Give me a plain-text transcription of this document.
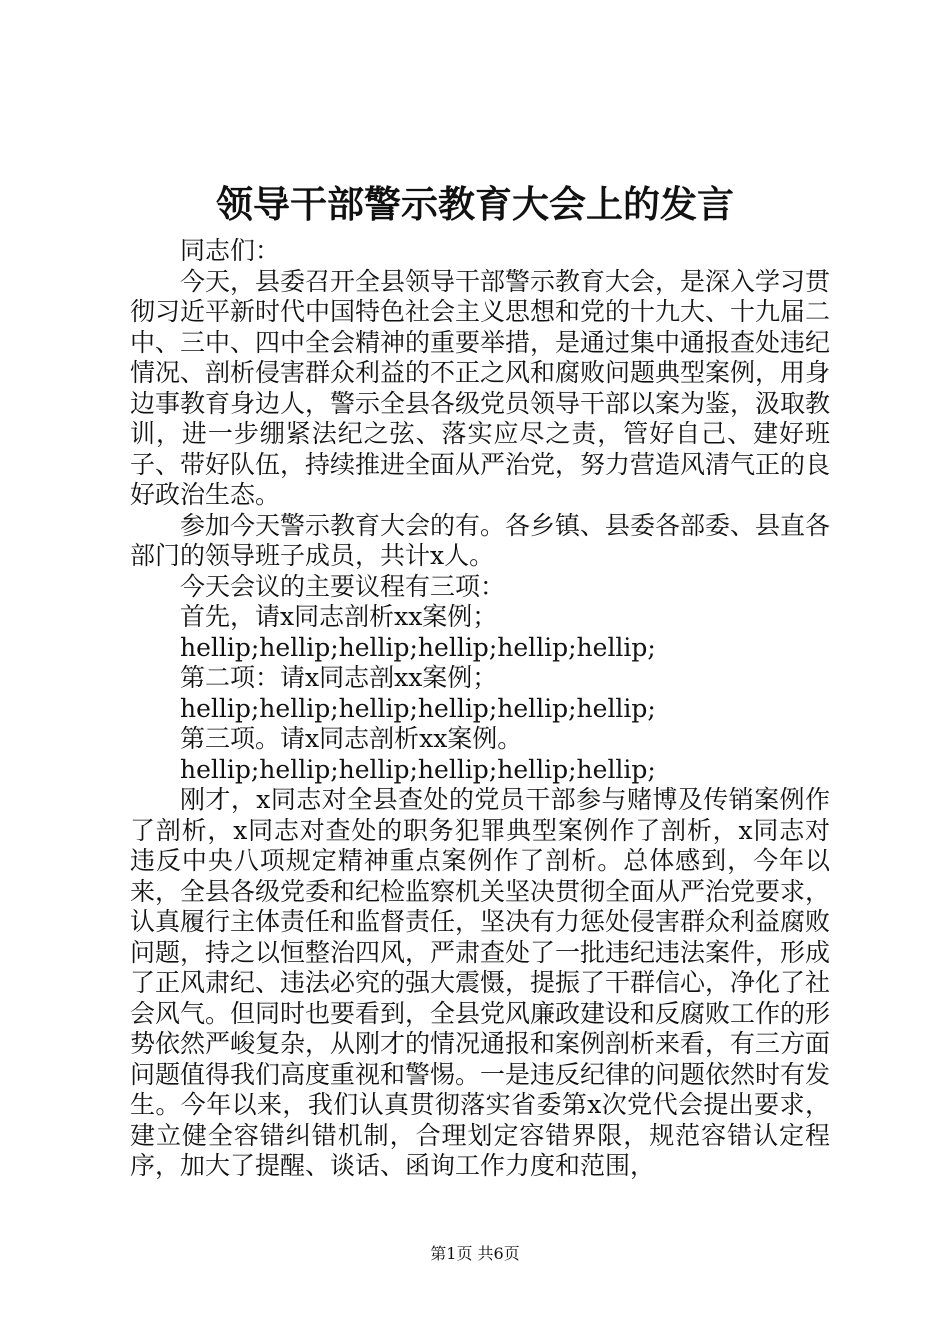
领导干部警示教育大会上的发言

同志们：

今天，县委召开全县领导干部警示教育大会，是深入学习贯彻习近平新时代中国特色社会主义思想和党的十九大、十九届二中、三中、四中全会精神的重要举措，是通过集中通报查处违纪情况、剖析侵害群众利益的不正之风和腐败问题典型案例，用身边事教育身边人，警示全县各级党员领导干部以案为鉴，汲取教训，进一步绷紧法纪之弦、落实应尽之责，管好自己、建好班子、带好队伍，持续推进全面从严治党，努力营造风清气正的良好政治生态。

参加今天警示教育大会的有。各乡镇、县委各部委、县直各部门的领导班子成员，共计x人。

今天会议的主要议程有三项：

首先，请x同志剖析xx案例；

hellip;hellip;hellip;hellip;hellip;hellip;

第二项：请x同志剖xx案例；

hellip;hellip;hellip;hellip;hellip;hellip;

第三项。请x同志剖析xx案例。

hellip;hellip;hellip;hellip;hellip;hellip;

刚才，x同志对全县查处的党员干部参与赌博及传销案例作了剖析，x同志对查处的职务犯罪典型案例作了剖析，x同志对违反中央八项规定精神重点案例作了剖析。总体感到，今年以来，全县各级党委和纪检监察机关坚决贯彻全面从严治党要求，认真履行主体责任和监督责任，坚决有力惩处侵害群众利益腐败问题，持之以恒整治四风，严肃查处了一批违纪违法案件，形成了正风肃纪、违法必究的强大震慑，提振了干群信心，净化了社会风气。但同时也要看到，全县党风廉政建设和反腐败工作的形势依然严峻复杂，从刚才的情况通报和案例剖析来看，有三方面问题值得我们高度重视和警惕。一是违反纪律的问题依然时有发生。今年以来，我们认真贯彻落实省委第x次党代会提出要求，建立健全容错纠错机制，合理划定容错界限，规范容错认定程序，加大了提醒、谈话、函询工作力度和范围，

第1页 共6页
